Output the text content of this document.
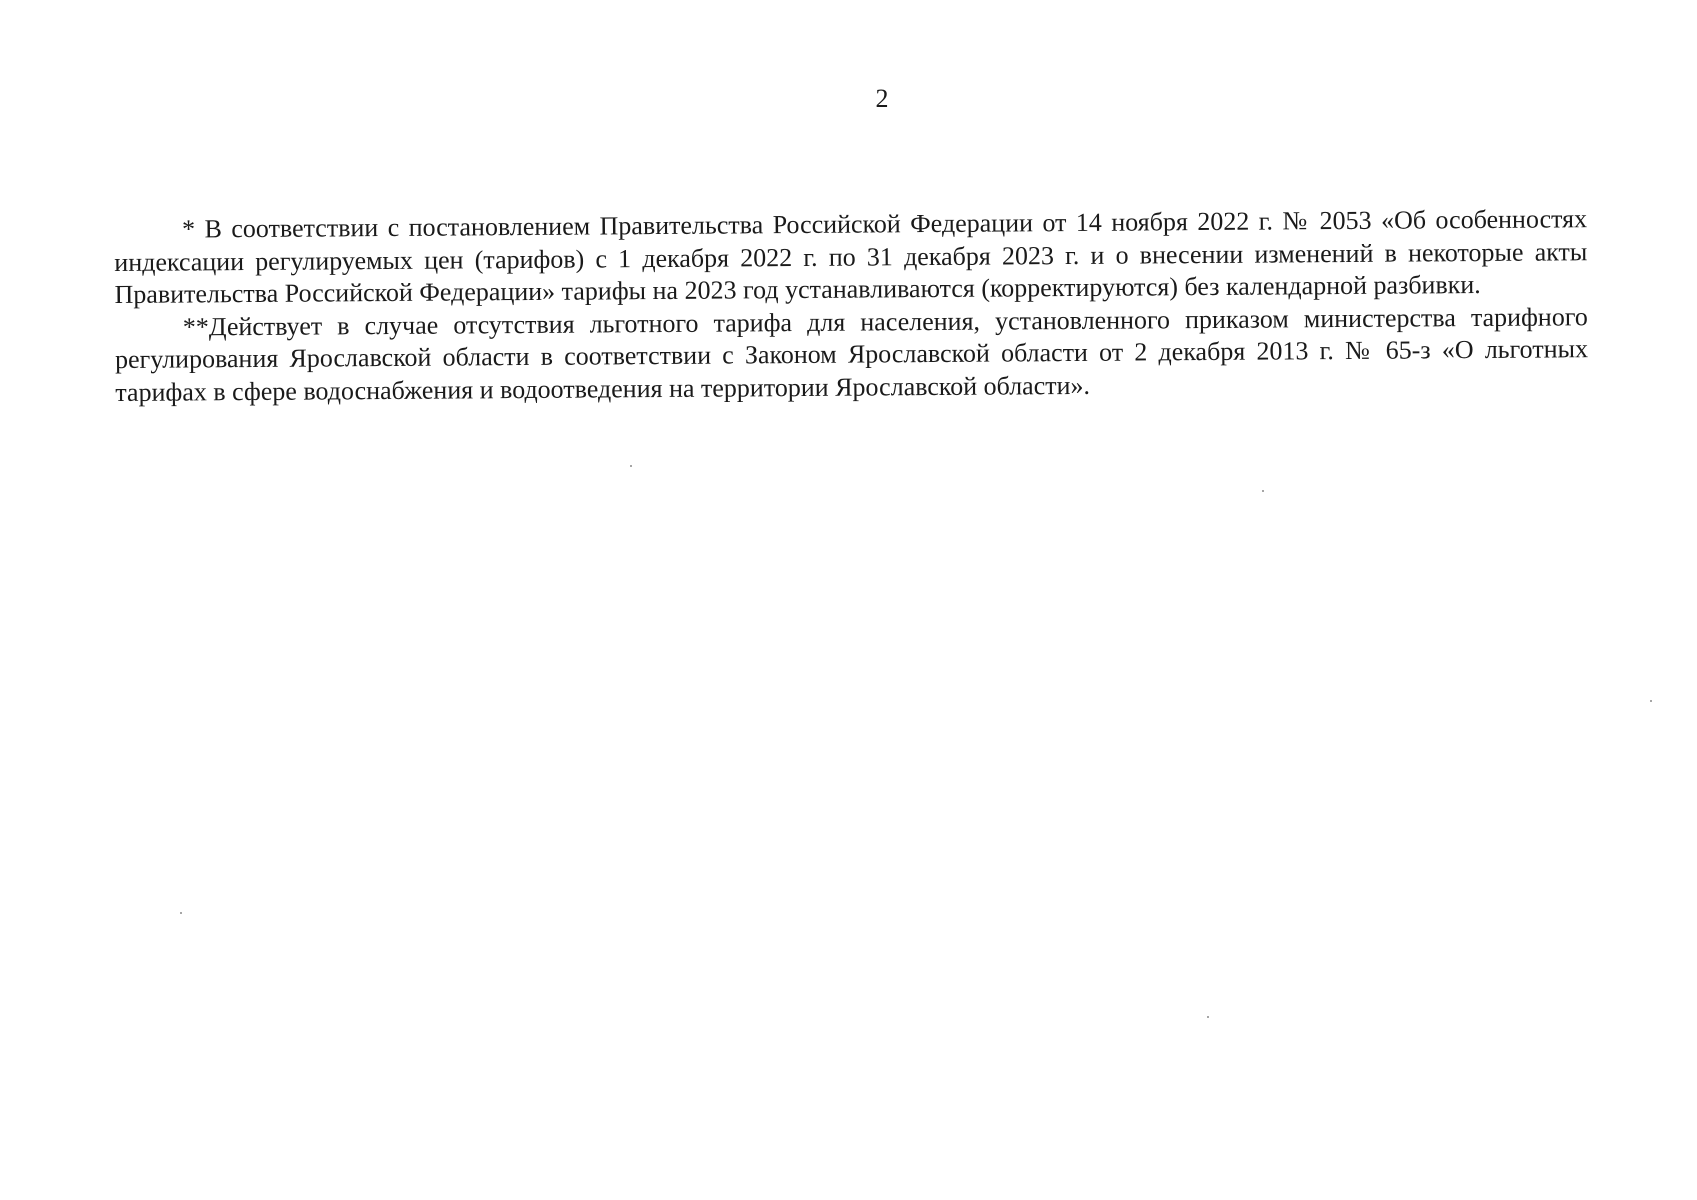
2

* В соответствии с постановлением Правительства Российской Федерации от 14 ноября 2022 г. № 2053 «Об особенностях индексации регулируемых цен (тарифов) с 1 декабря 2022 г. по 31 декабря 2023 г. и о внесении изменений в некоторые акты Правительства Российской Федерации» тарифы на 2023 год устанавливаются (корректируются) без календарной разбивки.

**Действует в случае отсутствия льготного тарифа для населения, установленного приказом министерства тарифного регулирования Ярославской области в соответствии с Законом Ярославской области от 2 декабря 2013 г. № 65-з «О льготных тарифах в сфере водоснабжения и водоотведения на территории Ярославской области».
